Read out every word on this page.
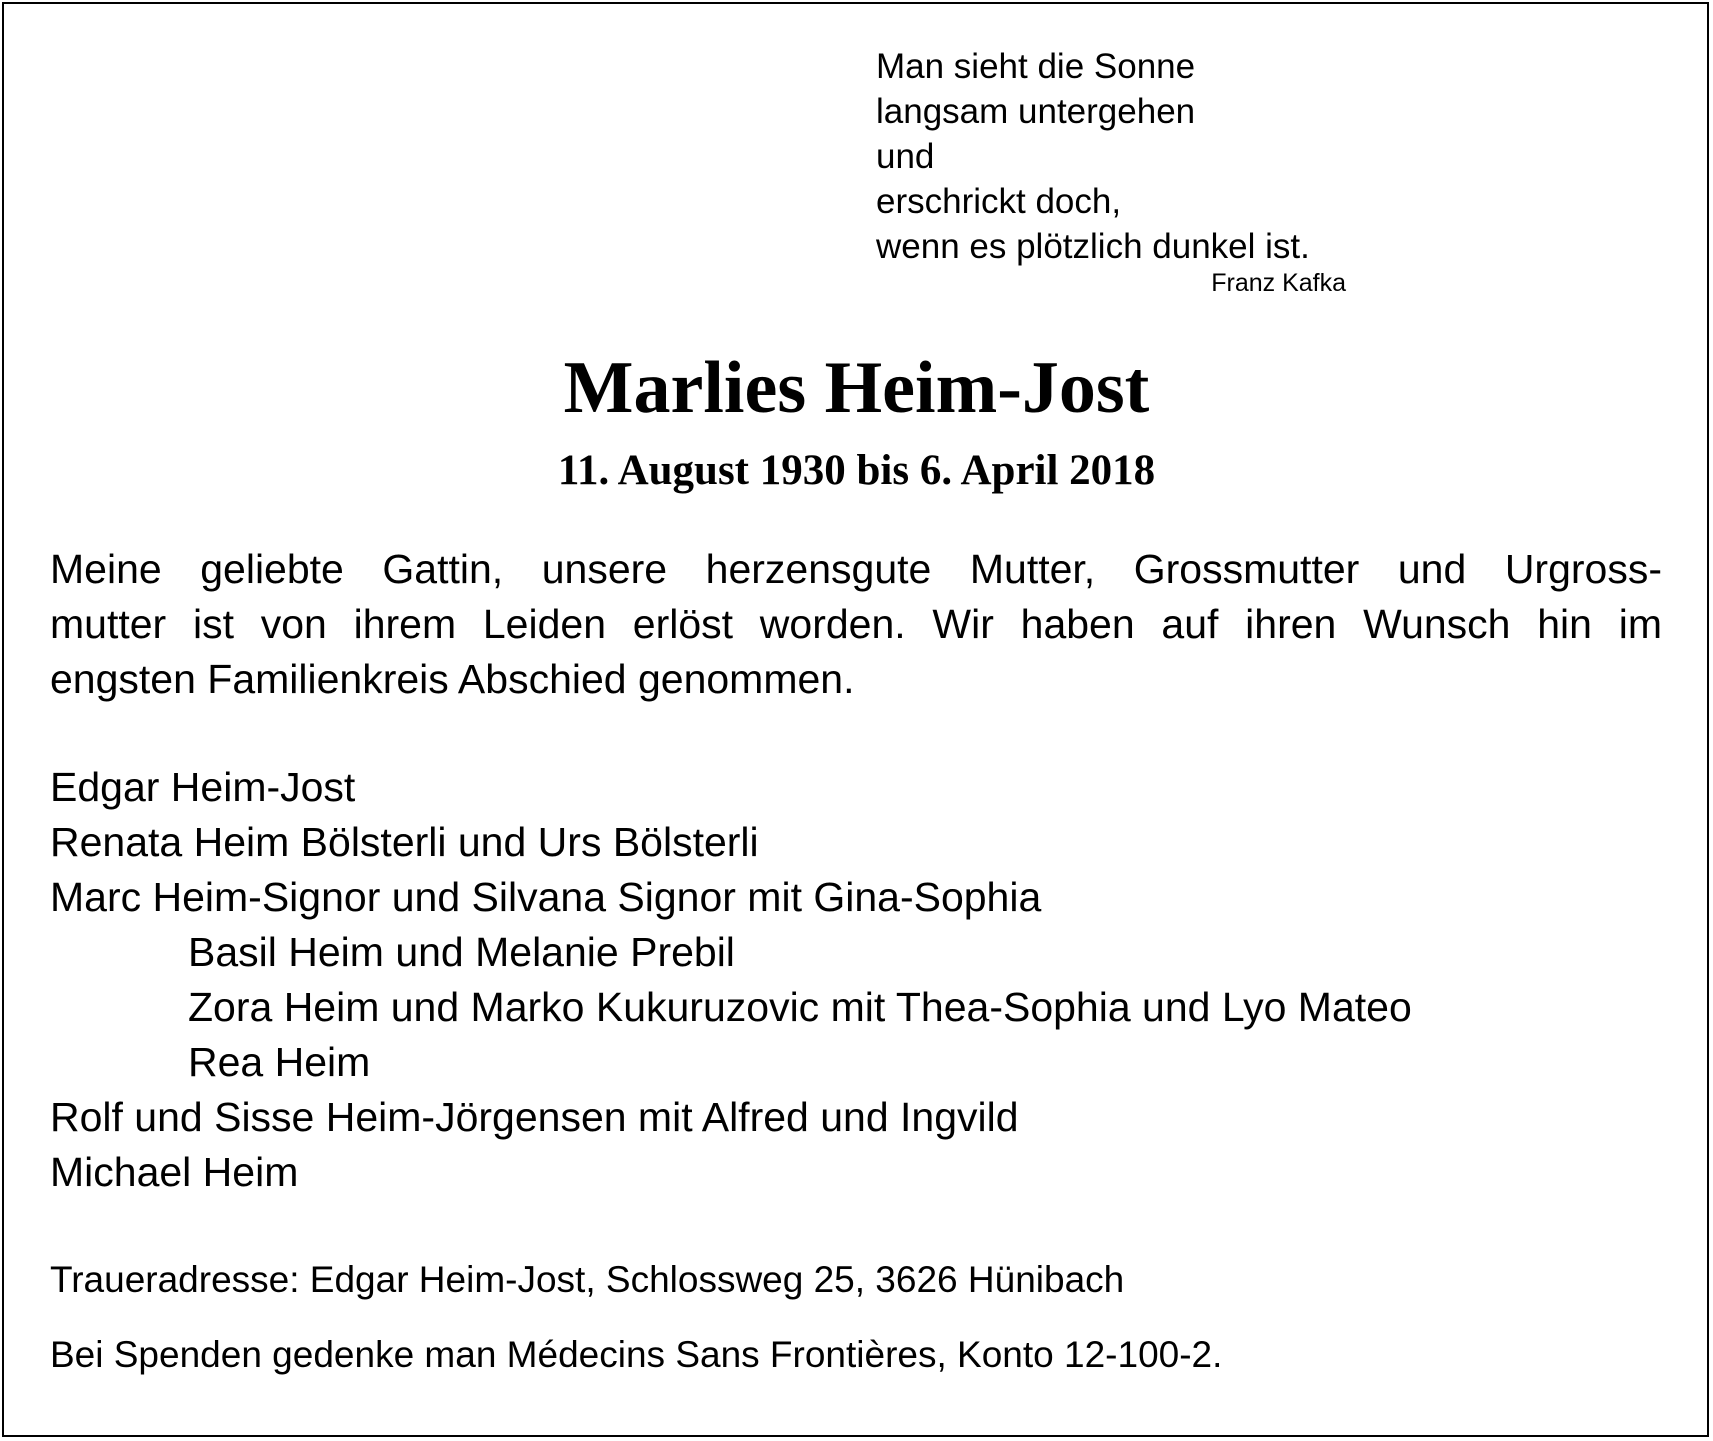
Man sieht die Sonne
langsam untergehen
und
erschrickt doch,
wenn es plötzlich dunkel ist.
Franz Kafka
Marlies Heim-Jost
11. August 1930 bis 6. April 2018
Meine geliebte Gattin, unsere herzensgute Mutter, Grossmutter und Urgross-
mutter ist von ihrem Leiden erlöst worden. Wir haben auf ihren Wunsch hin im
engsten Familienkreis Abschied genommen.
Edgar Heim-Jost
Renata Heim Bölsterli und Urs Bölsterli
Marc Heim-Signor und Silvana Signor mit Gina-Sophia
Basil Heim und Melanie Prebil
Zora Heim und Marko Kukuruzovic mit Thea-Sophia und Lyo Mateo
Rea Heim
Rolf und Sisse Heim-Jörgensen mit Alfred und Ingvild
Michael Heim
Traueradresse: Edgar Heim-Jost, Schlossweg 25, 3626 Hünibach
Bei Spenden gedenke man Médecins Sans Frontières, Konto 12-100-2.
